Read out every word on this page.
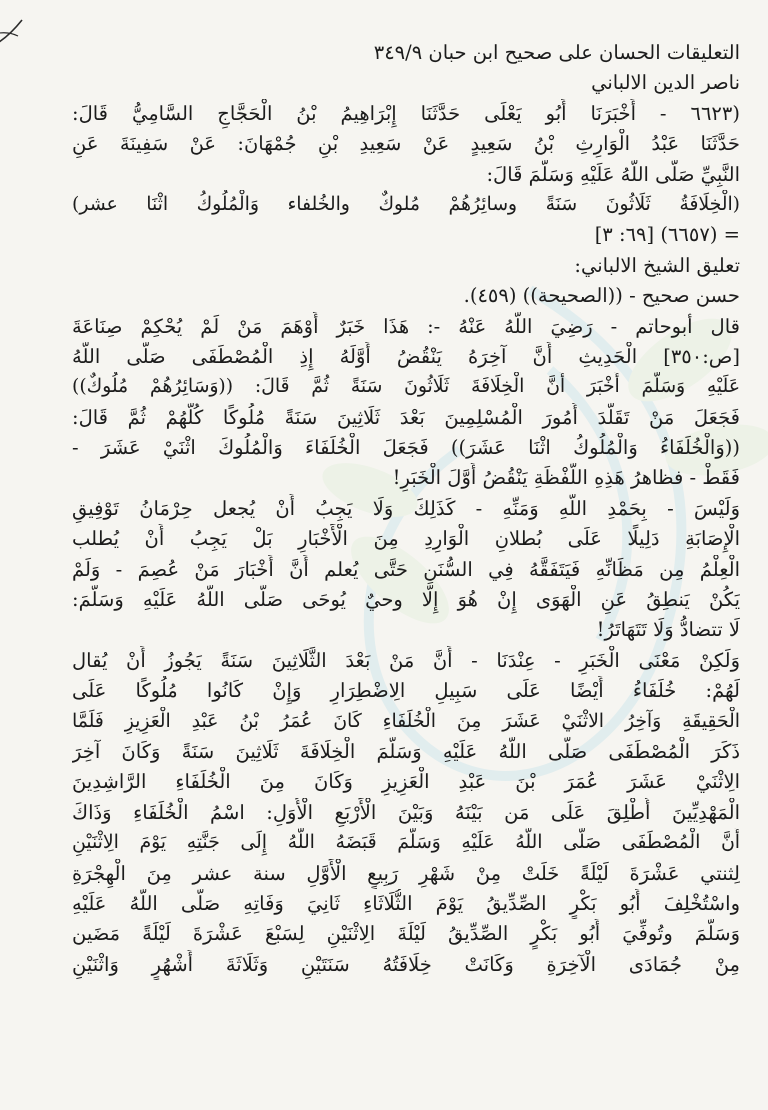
التعليقات الحسان على صحيح ابن حبان ٣٤٩/٩
ناصر الدين الالباني
(٦٦٢٣ - أَخْبَرَنَا أَبُو يَعْلَى حَدَّثَنَا إِبْرَاهِيمُ بْنُ الْحَجَّاجِ السَّامِيُّ قَالَ:
حَدَّثَنَا عَبْدُ الْوَارِثِ بْنُ سَعِيدٍ عَنْ سَعِيدِ بْنِ جُمْهَانَ: عَنْ سَفِينَةَ عَنِ
النَّبِيِّ صَلَّى اللَّهُ عَلَيْهِ وَسَلَّمَ قَالَ:
(الْخِلَافَةُ ثَلَاثُونَ سَنَةً وسائِرُهُمْ مُلوكٌ والخُلفاء وَالْمُلُوكُ اثْنَا عشر)
= (٦٦٥٧) [٦٩: ٣]
تعليق الشيخ الالباني:
حسن صحيح - ((الصحيحة)) (٤٥٩).
قال أبوحاتم - رَضِيَ اللَّهُ عَنْهُ -: هَذَا خَبَرٌ أَوْهَمَ مَنْ لَمْ يُحْكِمْ صِنَاعَةَ
[ص:٣٥٠] الْحَدِيثِ أَنَّ آخِرَهُ يَنْقُضُ أَوَّلَهُ إِذِ الْمُصْطَفَى صَلَّى اللَّهُ
عَلَيْهِ وَسَلَّمَ أَخْبَرَ أَنَّ الْخِلَافَةَ ثَلَاثُونَ سَنَةً ثُمَّ قَالَ: ((وَسَائِرُهُمْ مُلُوكٌ))
فَجَعَلَ مَنْ تَقَلَّدَ أُمُورَ الْمُسْلِمِينَ بَعْدَ ثَلَاثِينَ سَنَةً مُلُوكًا كُلَّهُمْ ثُمَّ قَالَ:
((وَالْخُلَفَاءُ وَالْمُلُوكُ اثْنَا عَشَرَ)) فَجَعَلَ الْخُلَفَاءَ وَالْمُلُوكَ اثْنَيْ عَشَرَ -
فَقَطْ - فظاهرُ هَذِهِ اللَّفْظَةِ يَنْقُضُ أَوَّلَ الْخَبَرِ!
وَلَيْسَ - بِحَمْدِ اللَّهِ وَمَنِّهِ - كَذَلِكَ وَلَا يَجِبُ أَنْ يُجعل حِرْمَانُ تَوْفِيقِ
الْإِصَابَةِ دَلِيلًا عَلَى بُطلانِ الْوَارِدِ مِنَ الْأَخْبَارِ بَلْ يَجِبُ أَنْ يُطلب
الْعِلْمُ مِن مَظَانِّهِ فَيَتَفَقَّهُ فِي السُّنَنِ حَتَّى يُعلم أَنَّ أَخْبَارَ مَنْ عُصِمَ - وَلَمْ
يَكُنْ يَنطِقُ عَنِ الْهَوَى إِنْ هُوَ إِلَّا وحيٌ يُوحَى صَلَّى اللَّهُ عَلَيْهِ وَسَلَّمَ:
لَا تتضادُّ وَلَا تَتَهَاتَرُ!
وَلَكِنْ مَعْنَى الْخَبَرِ - عِنْدَنَا - أَنَّ مَنْ بَعْدَ الثَّلَاثِينَ سَنَةً يَجُوزُ أَنْ يُقال
لَهُمْ: خُلَفَاءُ أَيْضًا عَلَى سَبِيلِ الِاضْطِرَارِ وَإِنْ كَانُوا مُلُوكًا عَلَى
الْحَقِيقَةِ وَآخِرُ الاثْنَيْ عَشَرَ مِنَ الْخُلَفَاءِ كَانَ عُمَرُ بْنُ عَبْدِ الْعَزِيزِ فَلَمَّا
ذَكَرَ الْمُصْطَفَى صَلَّى اللَّهُ عَلَيْهِ وَسَلَّمَ الْخِلَافَةَ ثَلَاثِينَ سَنَةً وَكَانَ آخِرَ
الِاثْنَيْ عَشَرَ عُمَرَ بْنَ عَبْدِ الْعَزِيزِ وَكَانَ مِنَ الْخُلَفَاءِ الرَّاشِدِينَ
الْمَهْدِيِّينَ أُطْلِقَ عَلَى مَن بَيْنَهُ وَبَيْنَ الْأَرْبَعِ الْأُوَلِ: اسْمُ الْخُلَفَاءِ وَذَاكَ
أَنَّ الْمُصْطَفَى صَلَّى اللَّهُ عَلَيْهِ وَسَلَّمَ قَبَضَهُ اللَّهُ إِلَى جَنَّتِهِ يَوْمَ الِاثْنَيْنِ
لِثنتي عَشْرَةَ لَيْلَةً خَلَتْ مِنْ شَهْرِ رَبِيعٍ الْأَوَّلِ سنة عشر مِنَ الْهِجْرَةِ
واسْتُخْلِفَ أَبُو بَكْرٍ الصِّدِّيقُ يَوْمَ الثُّلَاثَاءِ ثَانِيَ وَفَاتِهِ صَلَّى اللَّهُ عَلَيْهِ
وَسَلَّمَ وتُوفِّيَ أَبُو بَكْرٍ الصِّدِّيقُ لَيْلَةَ الِاثْنَيْنِ لِسَبْعَ عَشْرَةَ لَيْلَةً مَضَين
مِنْ جُمَادَى الْآخِرَةِ وَكَانَتْ خِلَافَتُهُ سَنَتَيْنِ وَثَلَاثَةَ أَشْهُرٍ وَاثْنَيْنِ
